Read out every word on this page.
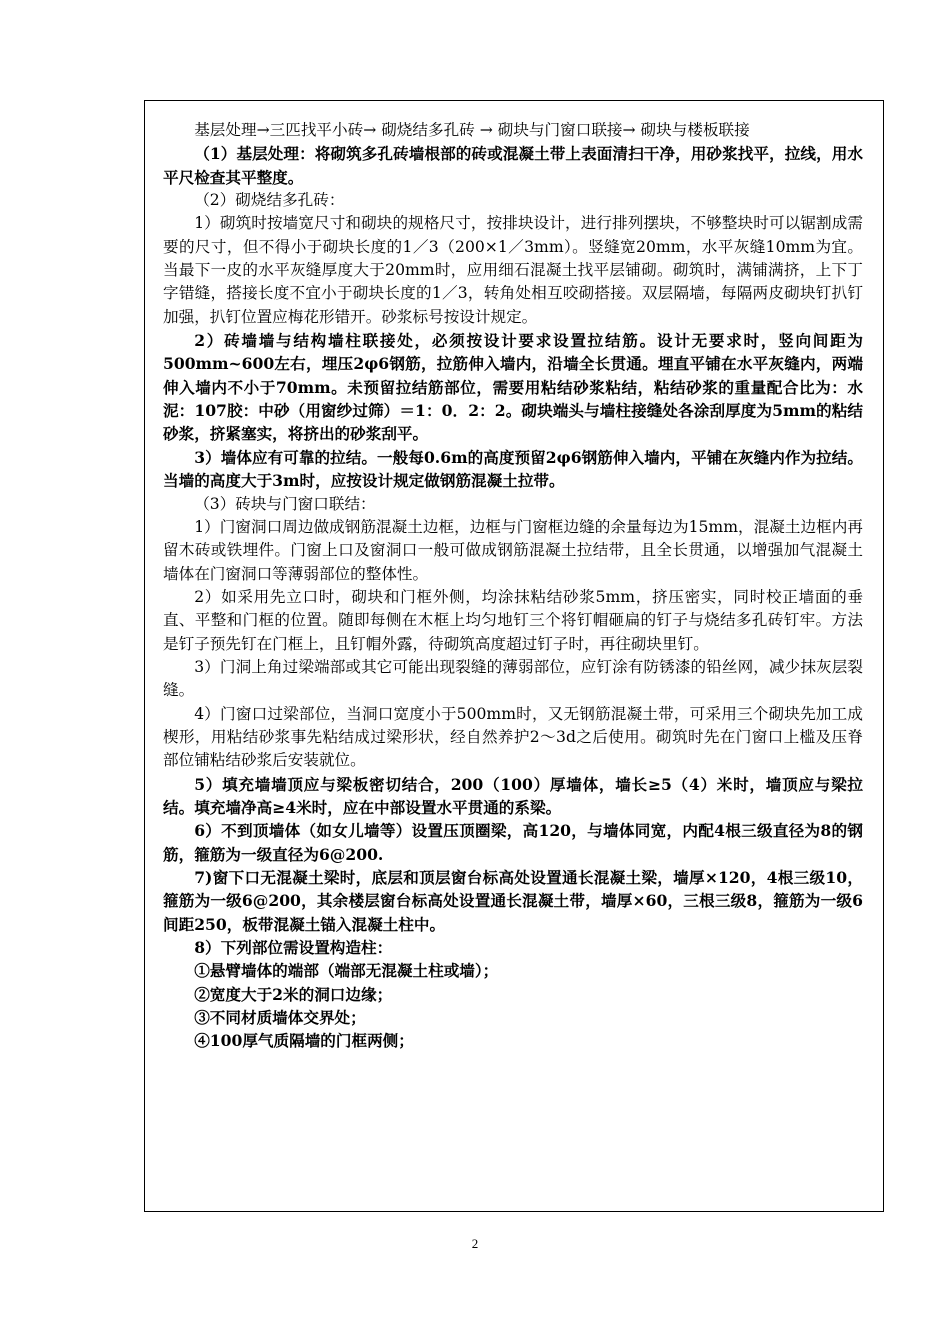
基层处理→三匹找平小砖→ 砌烧结多孔砖 → 砌块与门窗口联接→ 砌块与楼板联接

（1）基层处理：将砌筑多孔砖墙根部的砖或混凝土带上表面清扫干净，用砂浆找平，拉线，用水平尺检查其平整度。

（2）砌烧结多孔砖：

1）砌筑时按墙宽尺寸和砌块的规格尺寸，按排块设计，进行排列摆块，不够整块时可以锯割成需要的尺寸，但不得小于砌块长度的1／3（200×1／3mm）。竖缝宽20mm，水平灰缝10mm为宜。当最下一皮的水平灰缝厚度大于20mm时，应用细石混凝土找平层铺砌。砌筑时，满铺满挤，上下丁字错缝，搭接长度不宜小于砌块长度的1／3，转角处相互咬砌搭接。双层隔墙，每隔两皮砌块钉扒钉加强，扒钉位置应梅花形错开。砂浆标号按设计规定。

2）砖墙墙与结构墙柱联接处，必须按设计要求设置拉结筋。设计无要求时，竖向间距为500mm~600左右，埋压2φ6钢筋，拉筋伸入墙内，沿墙全长贯通。埋直平铺在水平灰缝内，两端伸入墙内不小于70mm。未预留拉结筋部位，需要用粘结砂浆粘结，粘结砂浆的重量配合比为：水泥：107胶：中砂（用窗纱过筛）＝1：0．2：2。砌块端头与墙柱接缝处各涂刮厚度为5mm的粘结砂浆，挤紧塞实，将挤出的砂浆刮平。

3）墙体应有可靠的拉结。一般每0.6m的高度预留2φ6钢筋伸入墙内，平铺在灰缝内作为拉结。当墙的高度大于3m时，应按设计规定做钢筋混凝土拉带。

（3）砖块与门窗口联结：

1）门窗洞口周边做成钢筋混凝土边框，边框与门窗框边缝的余量每边为15mm，混凝土边框内再留木砖或铁埋件。门窗上口及窗洞口一般可做成钢筋混凝土拉结带，且全长贯通，以增强加气混凝土墙体在门窗洞口等薄弱部位的整体性。

2）如采用先立口时，砌块和门框外侧，均涂抹粘结砂浆5mm，挤压密实，同时校正墙面的垂直、平整和门框的位置。随即每侧在木框上均匀地钉三个将钉帽砸扁的钉子与烧结多孔砖钉牢。方法是钉子预先钉在门框上，且钉帽外露，待砌筑高度超过钉子时，再往砌块里钉。

3）门洞上角过梁端部或其它可能出现裂缝的薄弱部位，应钉涂有防锈漆的铅丝网，减少抹灰层裂缝。

4）门窗口过梁部位，当洞口宽度小于500mm时，又无钢筋混凝土带，可采用三个砌块先加工成楔形，用粘结砂浆事先粘结成过梁形状，经自然养护2～3d之后使用。砌筑时先在门窗口上槛及压脊部位铺粘结砂浆后安装就位。

5）填充墙墙顶应与梁板密切结合，200（100）厚墙体，墙长≥5（4）米时，墙顶应与梁拉结。填充墙净高≥4米时，应在中部设置水平贯通的系梁。

6）不到顶墙体（如女儿墙等）设置压顶圈梁，高120，与墙体同宽，内配4根三级直径为8的钢筋，箍筋为一级直径为6@200.

7)窗下口无混凝土梁时，底层和顶层窗台标高处设置通长混凝土梁，墙厚×120，4根三级10，箍筋为一级6@200，其余楼层窗台标高处设置通长混凝土带，墙厚×60，三根三级8，箍筋为一级6间距250，板带混凝土锚入混凝土柱中。

8）下列部位需设置构造柱：

①悬臂墙体的端部（端部无混凝土柱或墙）；

②宽度大于2米的洞口边缘；

③不同材质墙体交界处；

④100厚气质隔墙的门框两侧；

2
